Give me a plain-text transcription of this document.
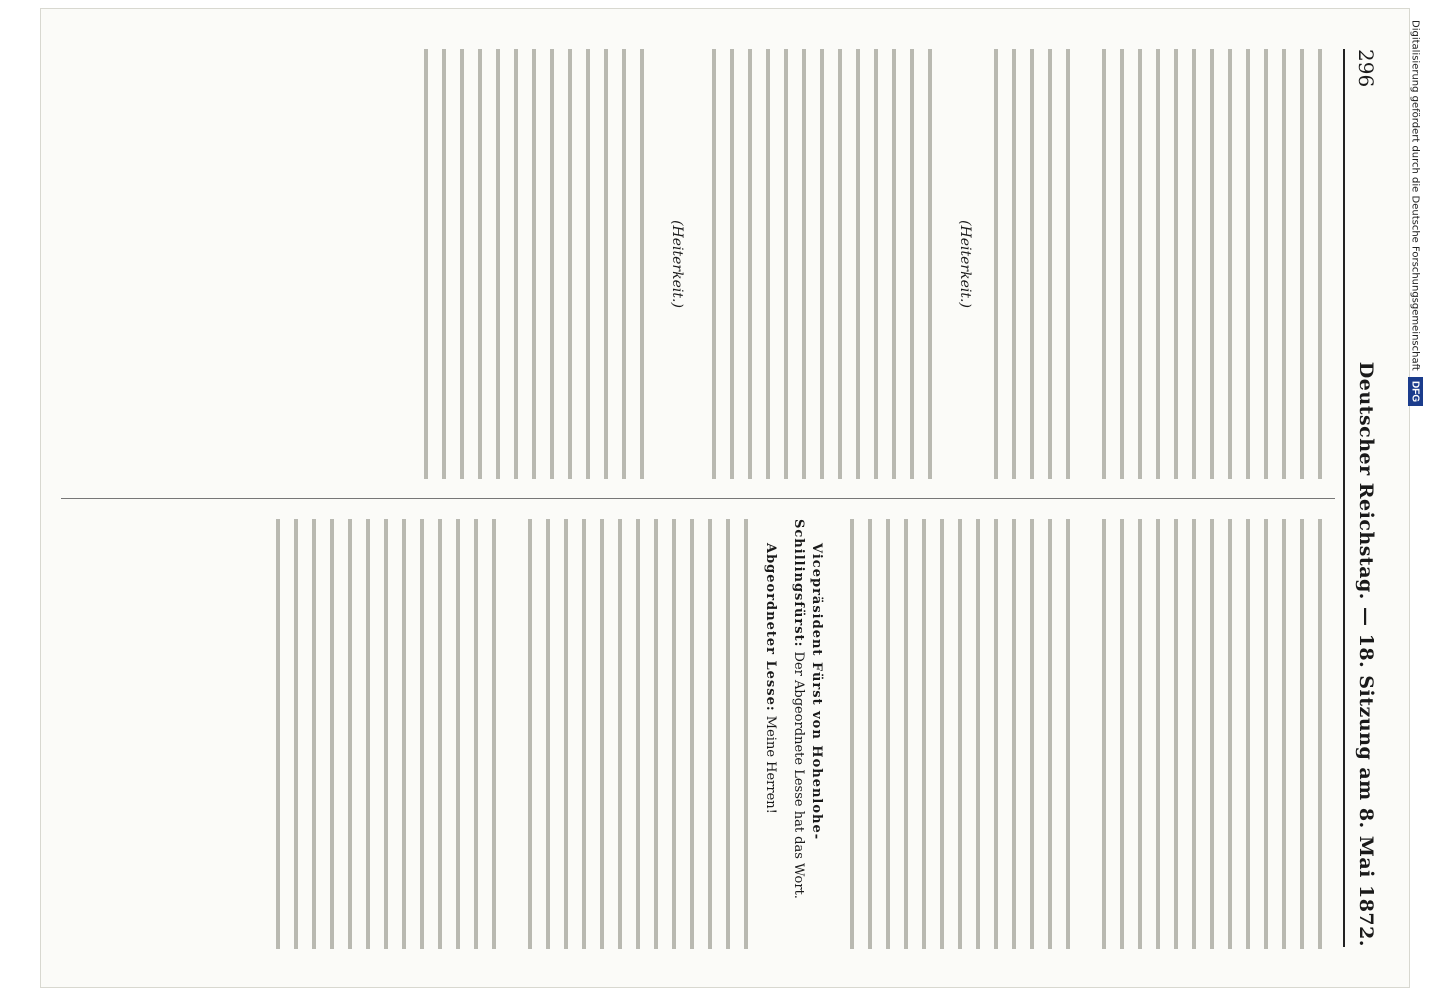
296
Deutscher Reichstag. — 18. Sitzung am 8. Mai 1872.
(Heiterkeit.)
(Heiterkeit.)

Vicepräsident Fürst von Hohenlohe-Schillingsfürst: Der Abgeordnete Lesse hat das Wort.

Abgeordneter Lesse: Meine Herren!

Digitalisierung gefördert durch die Deutsche Forschungsgemeinschaft
DFG
